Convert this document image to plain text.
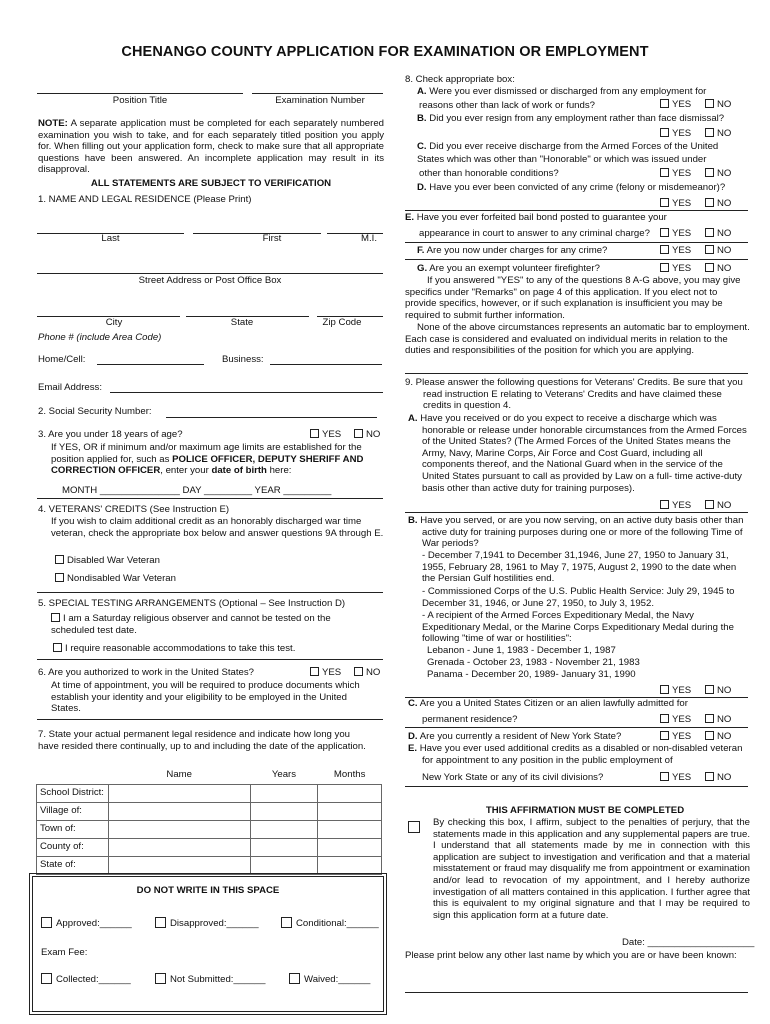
CHENANGO COUNTY APPLICATION FOR EXAMINATION OR EMPLOYMENT
Position Title	Examination Number
NOTE: A separate application must be completed for each separately numbered examination you wish to take, and for each separately titled position you apply for. When filling out your application form, check to make sure that all appropriate questions have been answered. An incomplete application may result in its disapproval.
ALL STATEMENTS ARE SUBJECT TO VERIFICATION
1. NAME AND LEGAL RESIDENCE (Please Print)
Last	First	M.I.
Street Address or Post Office Box
City	State	Zip Code
Phone # (include Area Code)
Home/Cell:	Business:
Email Address:
2. Social Security Number:
3. Are you under 18 years of age?	YES	NO
If YES, OR if minimum and/or maximum age limits are established for the position applied for, such as POLICE OFFICER, DEPUTY SHERIFF AND CORRECTION OFFICER, enter your date of birth here:
MONTH _______________ DAY _________ YEAR _________
4. VETERANS' CREDITS (See Instruction E)
If you wish to claim additional credit as an honorably discharged war time veteran, check the appropriate box below and answer questions 9A through E.
Disabled War Veteran
Nondisabled War Veteran
5. SPECIAL TESTING ARRANGEMENTS (Optional – See Instruction D)
I am a Saturday religious observer and cannot be tested on the scheduled test date.
I require reasonable accommodations to take this test.
6. Are you authorized to work in the United States?	YES	NO
At time of appointment, you will be required to produce documents which establish your identity and your eligibility to be employed in the United States.
7. State your actual permanent legal residence and indicate how long you have resided there continually, up to and including the date of the application.
	Name	Years	Months
School District:			
Village of:			
Town of:			
County of:			
State of:			
DO NOT WRITE IN THIS SPACE
Approved:______	Disapproved:______	Conditional:______
Exam Fee:
Collected:______	Not Submitted:______	Waived:______
8. Check appropriate box:
A. Were you ever dismissed or discharged from any employment for
reasons other than lack of work or funds?	YES	NO
B. Did you ever resign from any employment rather than face dismissal?
YES	NO
C. Did you ever receive discharge from the Armed Forces of the United States which was other than "Honorable" or which was issued under
other than honorable conditions?	YES	NO
D. Have you ever been convicted of any crime (felony or misdemeanor)?
YES	NO
E. Have you ever forfeited bail bond posted to guarantee your
appearance in court to answer to any criminal charge?	YES	NO
F. Are you now under charges for any crime?	YES	NO
G. Are you an exempt volunteer firefighter?	YES	NO
If you answered "YES" to any of the questions 8 A-G above, you may give specifics under "Remarks" on page 4 of this application. If you elect not to provide specifics, however, or if such explanation is insufficient you may be required to submit further information.
None of the above circumstances represents an automatic bar to employment. Each case is considered and evaluated on individual merits in relation to the duties and responsibilities of the position for which you are applying.
9. Please answer the following questions for Veterans' Credits. Be sure that you read instruction E relating to Veterans' Credits and have claimed these credits in question 4.
A. Have you received or do you expect to receive a discharge which was honorable or release under honorable circumstances from the Armed Forces of the United States? (The Armed Forces of the United States means the Army, Navy, Marine Corps, Air Force and Cost Guard, including all components thereof, and the National Guard when in the service of the United States pursuant to call as provided by Law on a full- time active-duty basis other than active duty for training purposes).
YES	NO
B. Have you served, or are you now serving, on an active duty basis other than active duty for training purposes during one or more of the following Time of War periods?
- December 7,1941 to December 31,1946, June 27, 1950 to January 31, 1955, February 28, 1961 to May 7, 1975, August 2, 1990 to the date when the Persian Gulf hostilities end.
- Commissioned Corps of the U.S. Public Health Service: July 29, 1945 to December 31, 1946, or June 27, 1950, to July 3, 1952.
- A recipient of the Armed Forces Expeditionary Medal, the Navy Expeditionary Medal, or the Marine Corps Expeditionary Medal during the following "time of war or hostilities":
Lebanon - June 1, 1983 - December 1, 1987
Grenada - October 23, 1983 - November 21, 1983
Panama - December 20, 1989- January 31, 1990
YES	NO
C. Are you a United States Citizen or an alien lawfully admitted for
permanent residence?	YES	NO
D. Are you currently a resident of New York State?	YES	NO
E. Have you ever used additional credits as a disabled or non-disabled veteran for appointment to any position in the public employment of
New York State or any of its civil divisions?	YES	NO
THIS AFFIRMATION MUST BE COMPLETED
By checking this box, I affirm, subject to the penalties of perjury, that the statements made in this application and any supplemental papers are true. I understand that all statements made by me in connection with this application are subject to investigation and verification and that a material misstatement or fraud may disqualify me from appointment or examination and/or lead to revocation of my appointment, and I hereby authorize investigation of all matters contained in this application. I further agree that this is equivalent to my original signature and that I may be required to sign this application form at a future date.
Date: ____________________
Please print below any other last name by which you are or have been known:
